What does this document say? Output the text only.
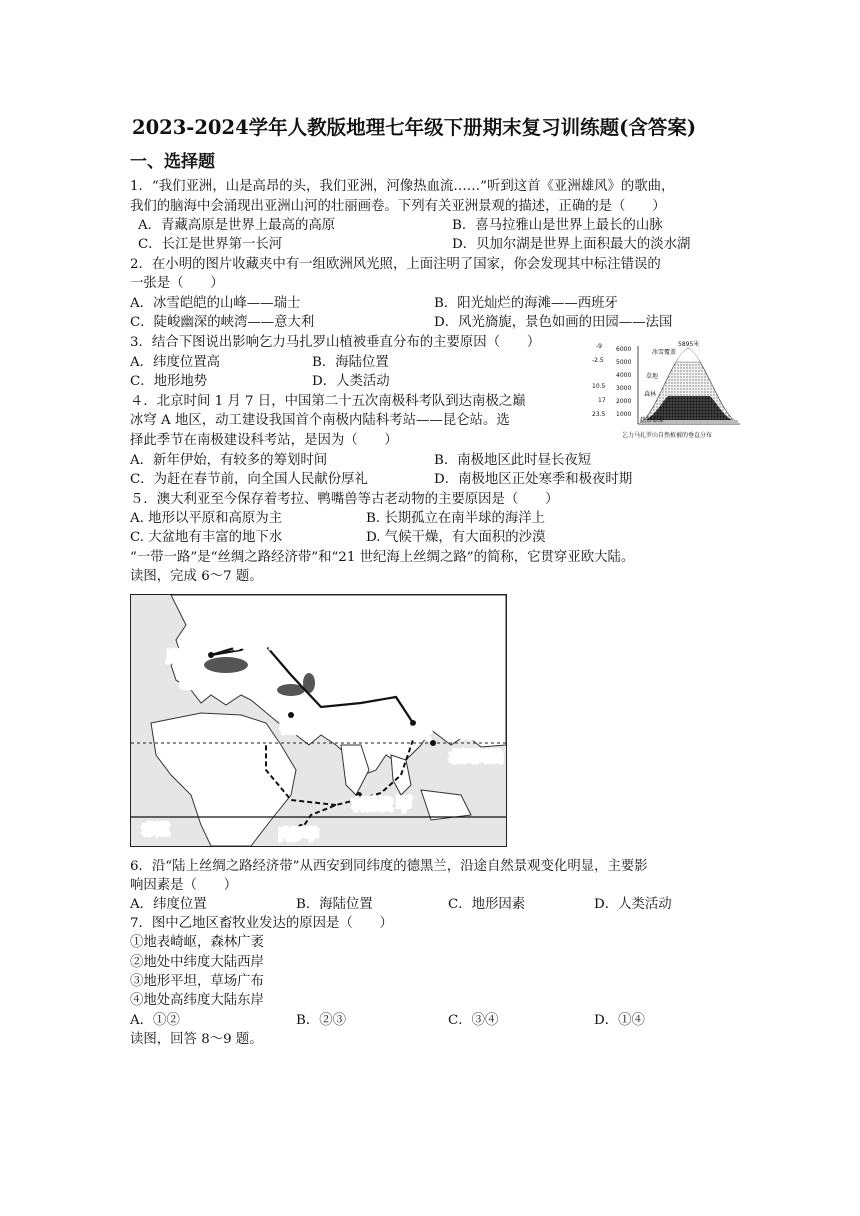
2023-2024学年人教版地理七年级下册期末复习训练题(含答案)
一、选择题
1．“我们亚洲，山是高昂的头，我们亚洲，河像热血流……”听到这首《亚洲雄风》的歌曲，
我们的脑海中会涌现出亚洲山河的壮丽画卷。下列有关亚洲景观的描述，正确的是（　　）
A．青藏高原是世界上最高的高原	B．喜马拉雅山是世界上最长的山脉
C．长江是世界第一长河	D．贝加尔湖是世界上面积最大的淡水湖
2．在小明的图片收藏夹中有一组欧洲风光照，上面注明了国家，你会发现其中标注错误的
一张是（　　）
A．冰雪皑皑的山峰——瑞士	B．阳光灿烂的海滩——西班牙
C．陡峻幽深的峡湾——意大利	D．风光旖旎，景色如画的田园——法国
3．结合下图说出影响乞力马扎罗山植被垂直分布的主要原因（　　）
A．纬度位置高	B．海陆位置
C．地形地势	D．人类活动
5895米
6000
5000
4000
3000
2000
1000
-9
-2.5
10.5
17
23.5
冰雪覆盖
草地
森林
热带草原
乞力马扎罗山自然植被的垂直分布
４．北京时间 1 月 7 日，中国第二十五次南极科考队到达南极之巅
冰穹 A 地区，动工建设我国首个南极内陆科考站——昆仑站。选
择此季节在南极建设科考站，是因为（　　）
A．新年伊始，有较多的筹划时间	B．南极地区此时昼长夜短
C．为赶在春节前，向全国人民献份厚礼	D．南极地区正处寒季和极夜时期
５．澳大利亚至今保存着考拉、鸭嘴兽等古老动物的主要原因是（　　）
A. 地形以平原和高原为主	B. 长期孤立在南半球的海洋上
C. 大盆地有丰富的地下水	D. 气候干燥，有大面积的沙漠
“一带一路”是“丝绸之路经济带”和“21 世纪海上丝绸之路”的简称，它贯穿亚欧大陆。
读图，完成 6～7 题。
鹿特丹
莫斯科
乙
德黑兰	西安 泉州
北回归线
科伦坡 甲
赤道	内罗毕
6．沿“陆上丝绸之路经济带”从西安到同纬度的德黑兰，沿途自然景观变化明显，主要影
响因素是（　　）
A．纬度位置	B．海陆位置	C．地形因素	D．人类活动
7．图中乙地区畜牧业发达的原因是（　　）
①地表崎岖，森林广袤
②地处中纬度大陆西岸
③地形平坦，草场广布
④地处高纬度大陆东岸
A．①②	B．②③	C．③④	D．①④
读图，回答 8～9 题。
